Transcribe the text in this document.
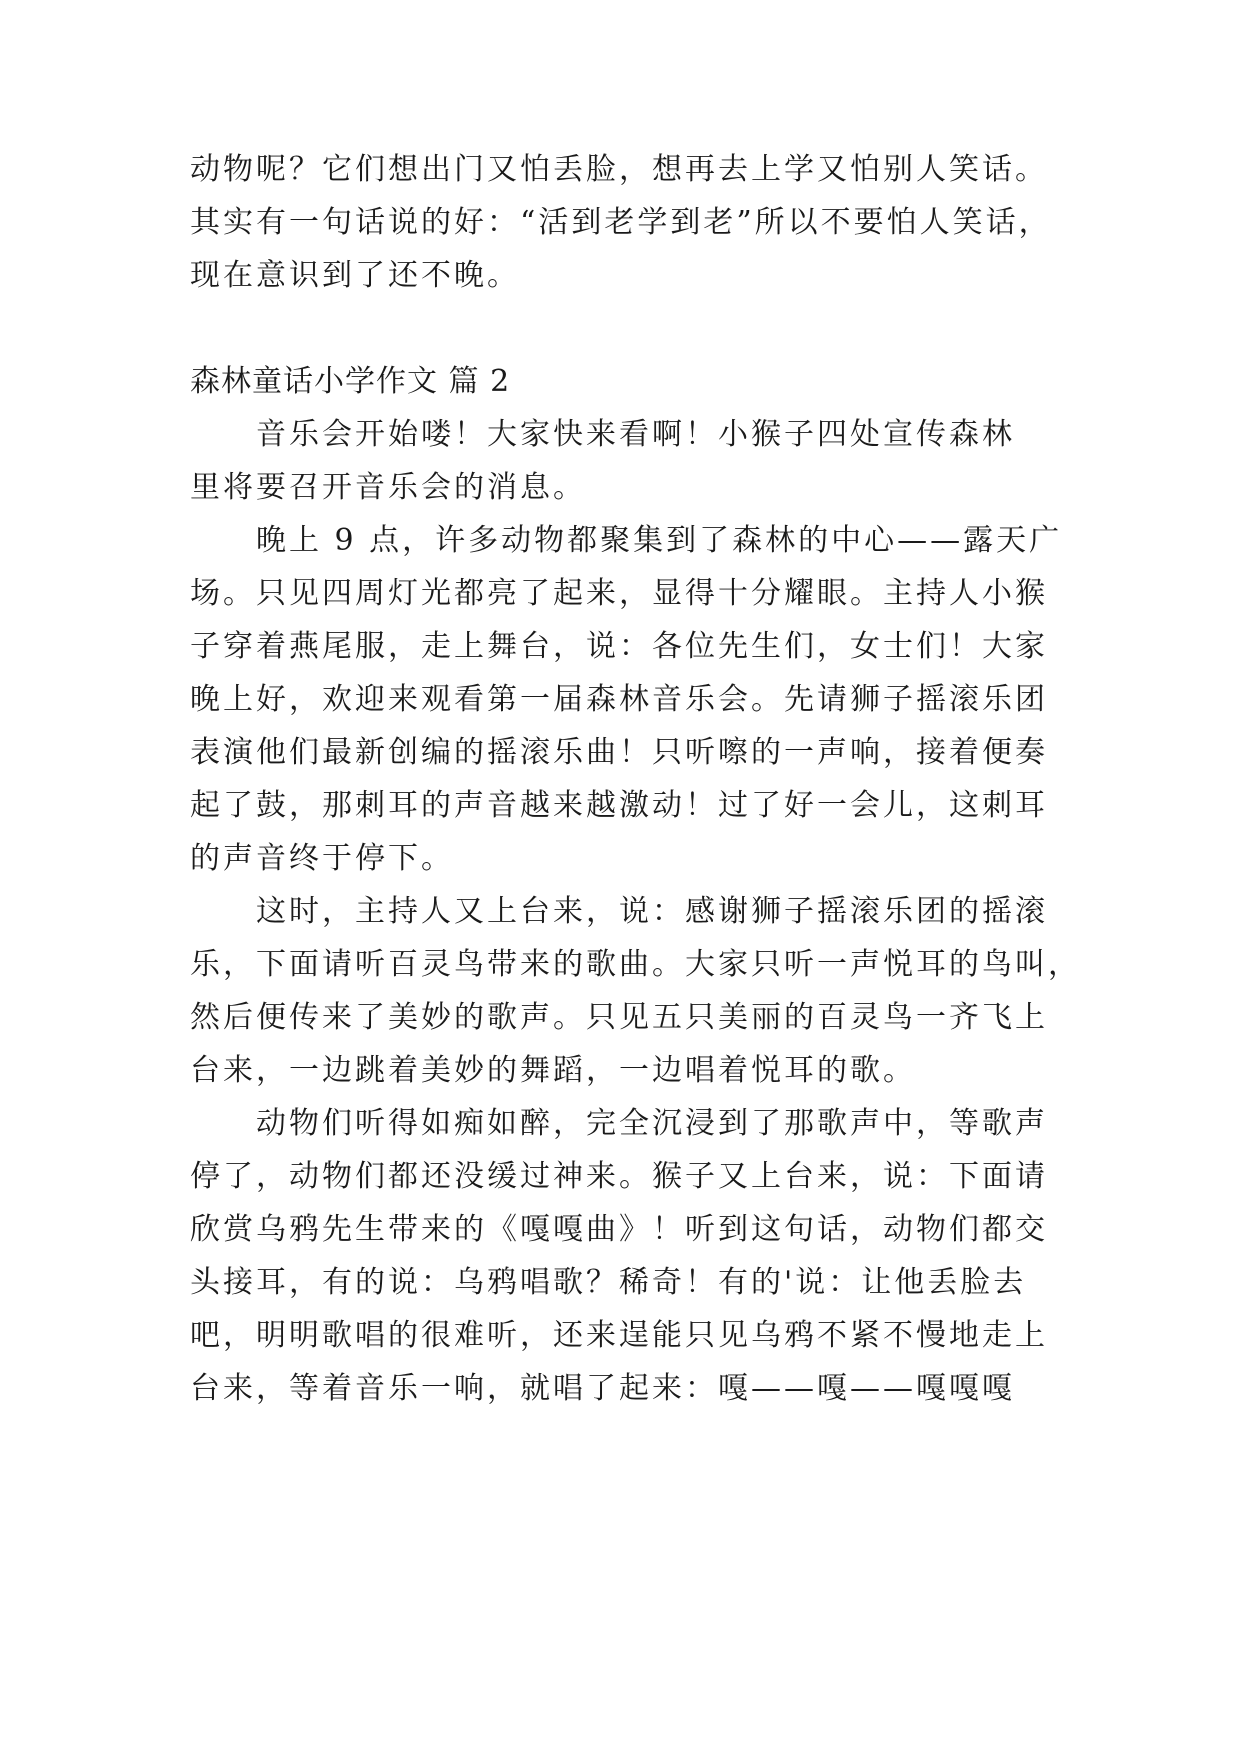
动物呢？它们想出门又怕丢脸，想再去上学又怕别人笑话。
其实有一句话说的好：“活到老学到老”所以不要怕人笑话，
现在意识到了还不晚。
森林童话小学作文 篇 2
音乐会开始喽！大家快来看啊！小猴子四处宣传森林
里将要召开音乐会的消息。
晚上 9 点，许多动物都聚集到了森林的中心——露天广
场。只见四周灯光都亮了起来，显得十分耀眼。主持人小猴
子穿着燕尾服，走上舞台，说：各位先生们，女士们！大家
晚上好，欢迎来观看第一届森林音乐会。先请狮子摇滚乐团
表演他们最新创编的摇滚乐曲！只听嚓的一声响，接着便奏
起了鼓，那刺耳的声音越来越激动！过了好一会儿，这刺耳
的声音终于停下。
这时，主持人又上台来，说：感谢狮子摇滚乐团的摇滚
乐，下面请听百灵鸟带来的歌曲。大家只听一声悦耳的鸟叫，
然后便传来了美妙的歌声。只见五只美丽的百灵鸟一齐飞上
台来，一边跳着美妙的舞蹈，一边唱着悦耳的歌。
动物们听得如痴如醉，完全沉浸到了那歌声中，等歌声
停了，动物们都还没缓过神来。猴子又上台来，说：下面请
欣赏乌鸦先生带来的《嘎嘎曲》！听到这句话，动物们都交
头接耳，有的说：乌鸦唱歌？稀奇！有的'说：让他丢脸去
吧，明明歌唱的很难听，还来逞能只见乌鸦不紧不慢地走上
台来，等着音乐一响，就唱了起来：嘎——嘎——嘎嘎嘎
